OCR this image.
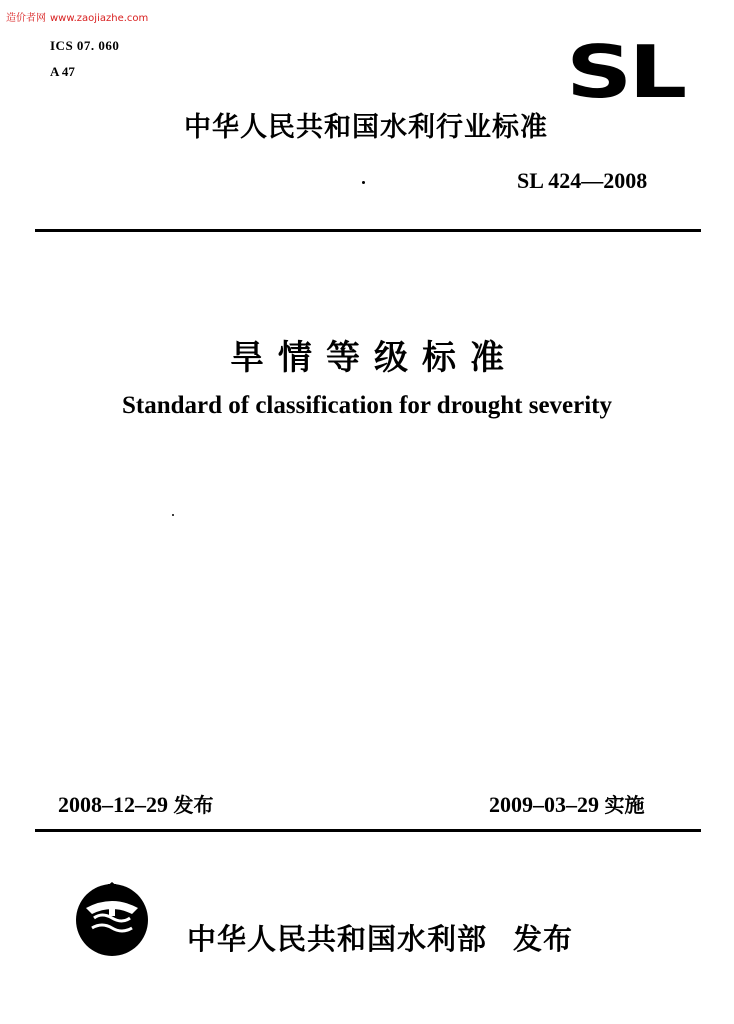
造价者网 www.zaojiazhe.com
ICS 07. 060
A 47	SL
中华人民共和国水利行业标准
SL 424—2008
旱情等级标准
Standard of classification for drought severity
2008–12–29 发布	2009–03–29 实施
中华人民共和国水利部 发布
